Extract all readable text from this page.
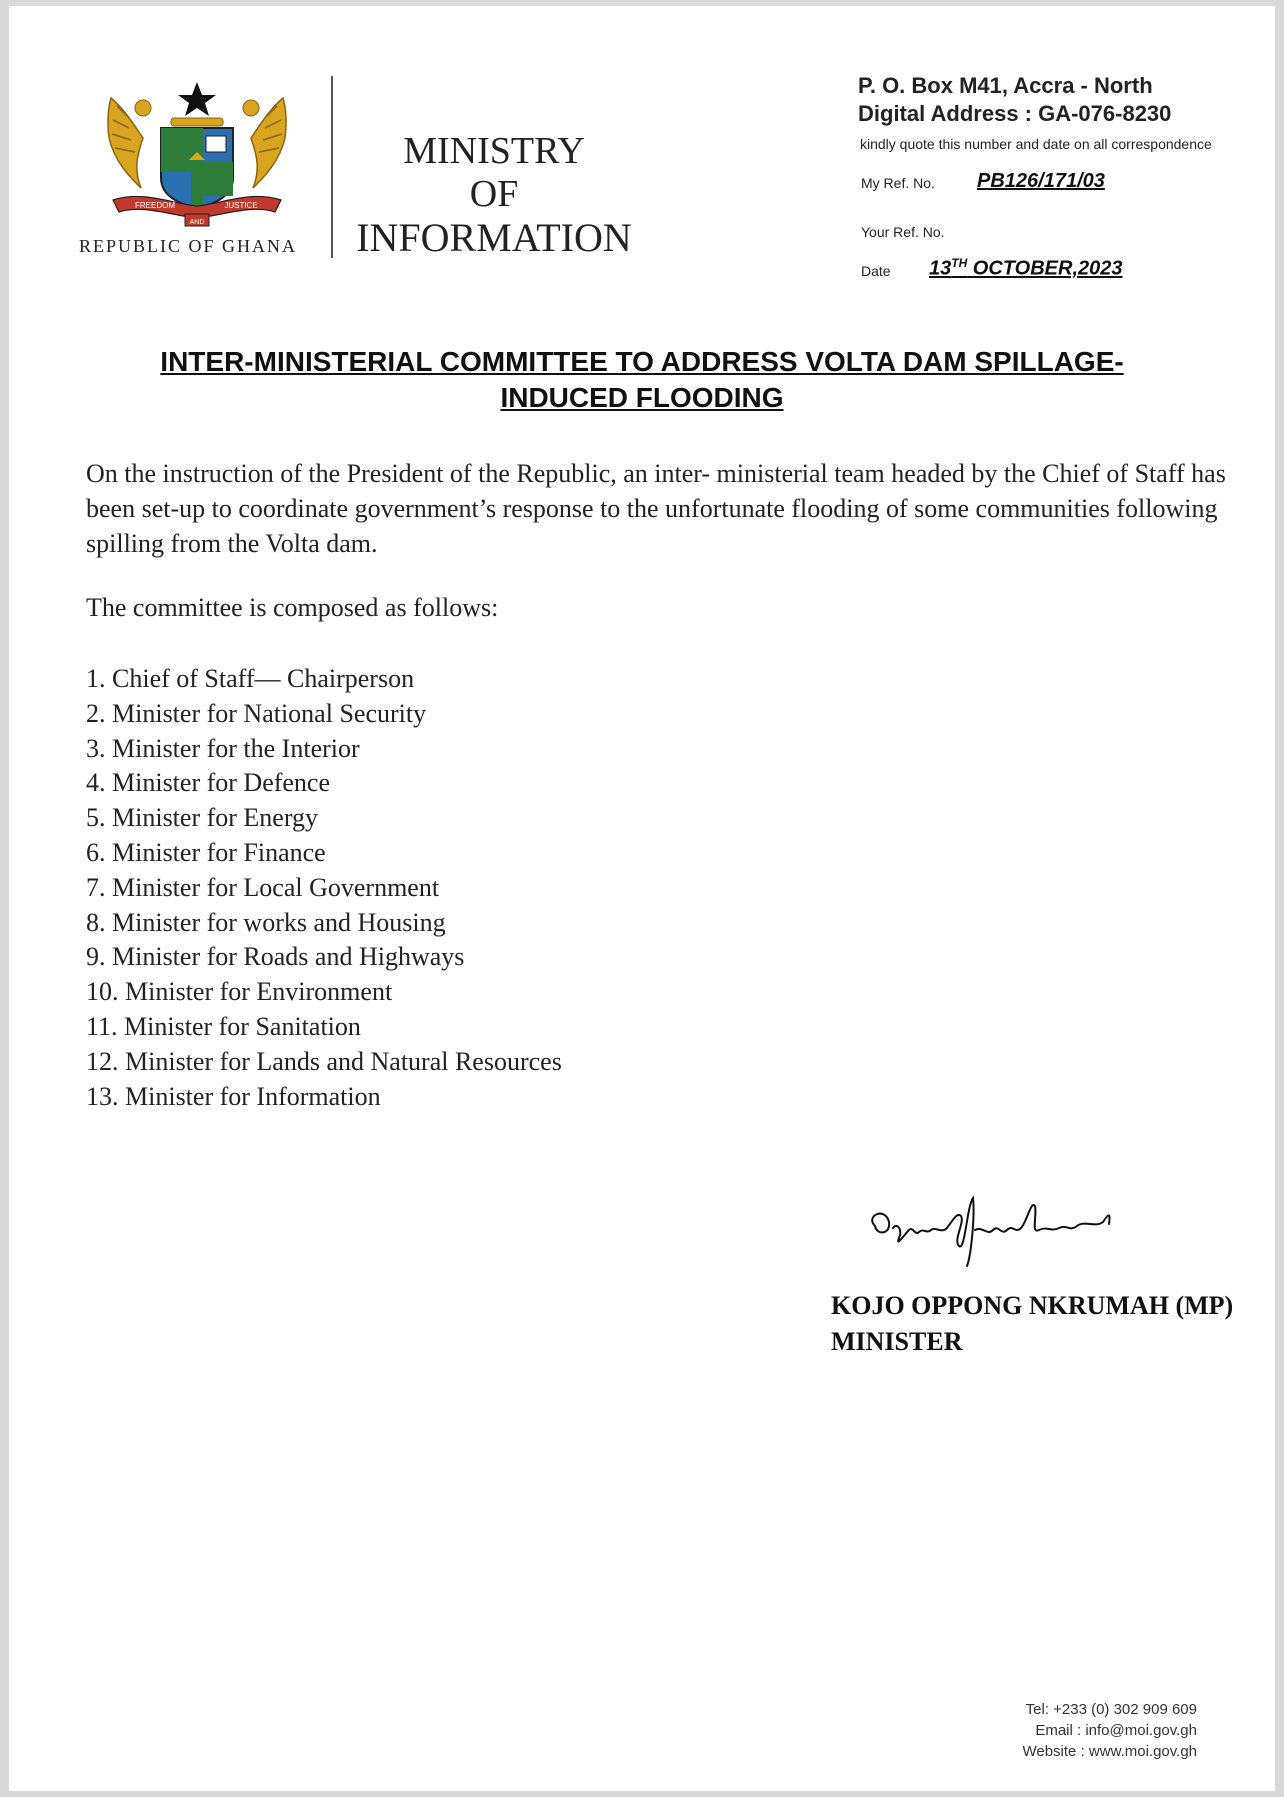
FREEDOM
AND
JUSTICE
REPUBLIC OF GHANA
MINISTRY
OF
INFORMATION
P. O. Box M41, Accra - North
Digital Address : GA-076-8230
kindly quote this number and date on all correspondence
My Ref. No. PB126/171/03
Your Ref. No.
Date 13TH OCTOBER,2023
INTER-MINISTERIAL COMMITTEE TO ADDRESS VOLTA DAM SPILLAGE-
INDUCED FLOODING
On the instruction of the President of the Republic, an inter- ministerial team headed by the Chief of Staff has been set-up to coordinate government’s response to the unfortunate flooding of some communities following spilling from the Volta dam.
The committee is composed as follows:
1. Chief of Staff— Chairperson
2. Minister for National Security
3. Minister for the Interior
4. Minister for Defence
5. Minister for Energy
6. Minister for Finance
7. Minister for Local Government
8. Minister for works and Housing
9. Minister for Roads and Highways
10. Minister for Environment
11. Minister for Sanitation
12. Minister for Lands and Natural Resources
13. Minister for Information
KOJO OPPONG NKRUMAH (MP)
MINISTER
Tel: +233 (0) 302 909 609
Email : info@moi.gov.gh
Website : www.moi.gov.gh
